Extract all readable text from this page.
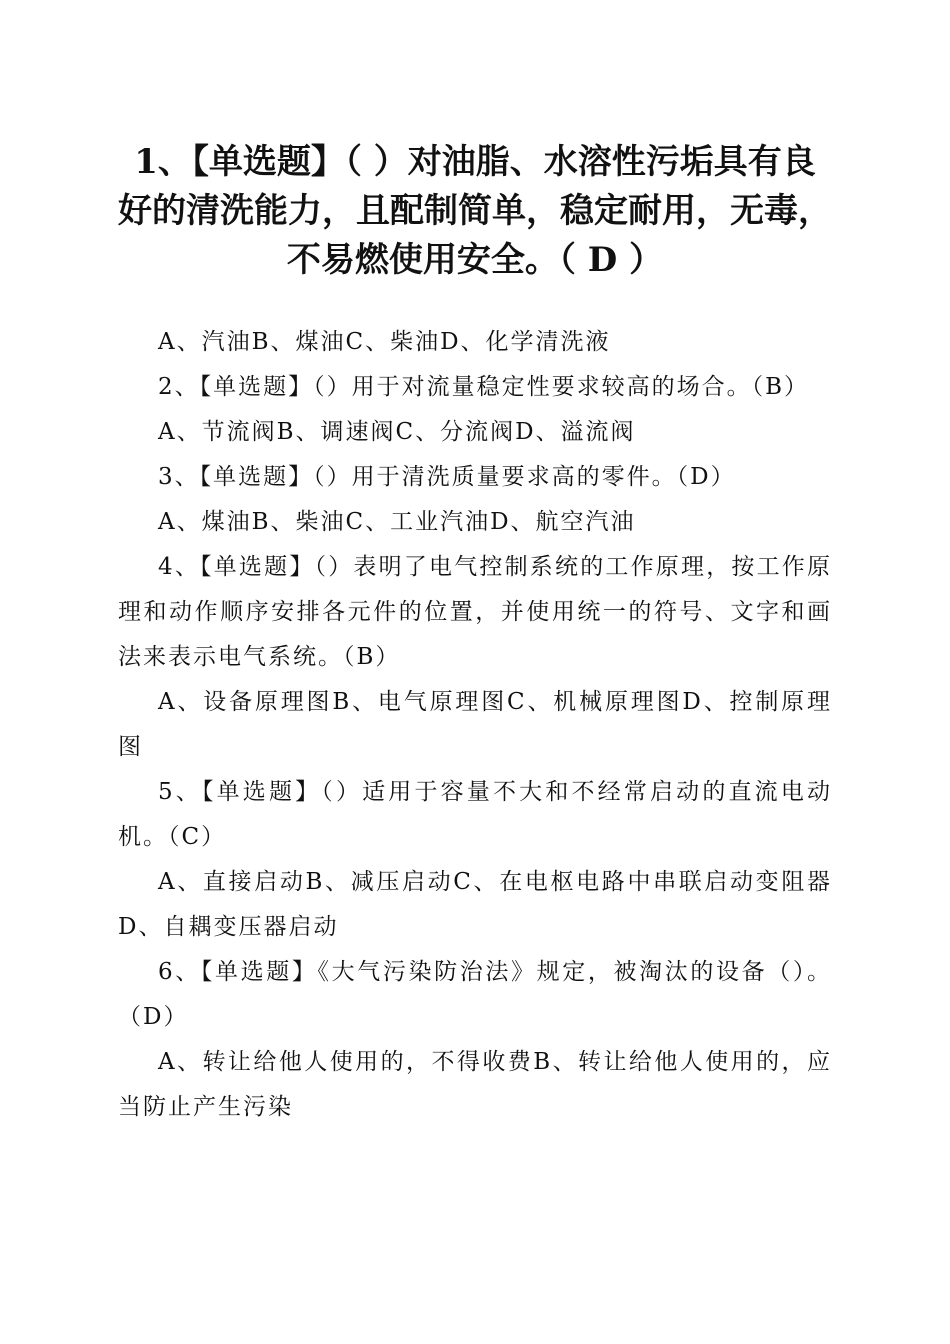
1、【单选题】（ ）对油脂、水溶性污垢具有良好的清洗能力，且配制简单，稳定耐用，无毒，不易燃使用安全。（ D ）

A、汽油B、煤油C、柴油D、化学清洗液

2、【单选题】（）用于对流量稳定性要求较高的场合。（B）

A、节流阀B、调速阀C、分流阀D、溢流阀

3、【单选题】（）用于清洗质量要求高的零件。（D）

A、煤油B、柴油C、工业汽油D、航空汽油

4、【单选题】（）表明了电气控制系统的工作原理，按工作原理和动作顺序安排各元件的位置，并使用统一的符号、文字和画法来表示电气系统。（B）

A、设备原理图B、电气原理图C、机械原理图D、控制原理图

5、【单选题】（）适用于容量不大和不经常启动的直流电动机。（C）

A、直接启动B、减压启动C、在电枢电路中串联启动变阻器D、自耦变压器启动

6、【单选题】《大气污染防治法》规定，被淘汰的设备（）。（D）

A、转让给他人使用的，不得收费B、转让给他人使用的，应当防止产生污染
